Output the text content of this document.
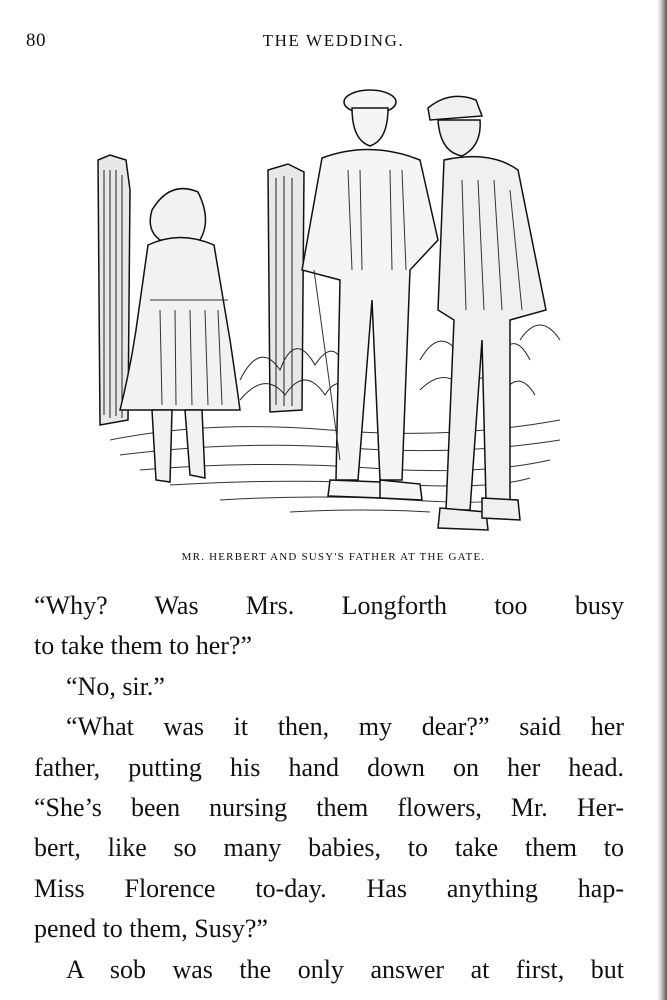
80	THE WEDDING.
MR. HERBERT AND SUSY'S FATHER AT THE GATE.
“Why? Was Mrs. Longforth too busy
to take them to her?”
“No, sir.”
“What was it then, my dear?” said her
father, putting his hand down on her head.
“She’s been nursing them flowers, Mr. Her-
bert, like so many babies, to take them to
Miss Florence to-day. Has anything hap-
pened to them, Susy?”
A sob was the only answer at first, but
